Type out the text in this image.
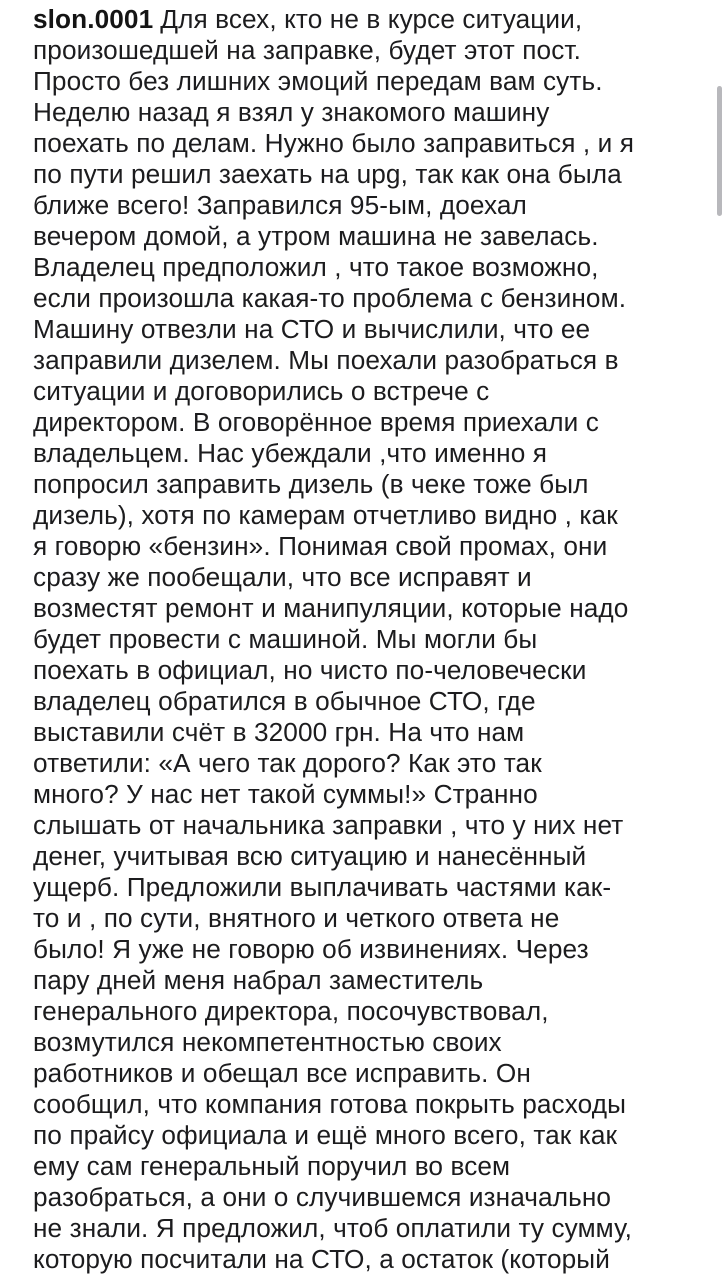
slon.0001 Для всех, кто не в курсе ситуации,
произошедшей на заправке, будет этот пост.
Просто без лишних эмоций передам вам суть.
Неделю назад я взял у знакомого машину
поехать по делам. Нужно было заправиться , и я
по пути решил заехать на upg, так как она была
ближе всего! Заправился 95-ым, доехал
вечером домой, а утром машина не завелась.
Владелец предположил , что такое возможно,
если произошла какая-то проблема с бензином.
Машину отвезли на СТО и вычислили, что ее
заправили дизелем. Мы поехали разобраться в
ситуации и договорились о встрече с
директором. В оговорённое время приехали с
владельцем. Нас убеждали ,что именно я
попросил заправить дизель (в чеке тоже был
дизель), хотя по камерам отчетливо видно , как
я говорю «бензин». Понимая свой промах, они
сразу же пообещали, что все исправят и
возместят ремонт и манипуляции, которые надо
будет провести с машиной. Мы могли бы
поехать в официал, но чисто по-человечески
владелец обратился в обычное СТО, где
выставили счёт в 32000 грн. На что нам
ответили: «А чего так дорого? Как это так
много? У нас нет такой суммы!» Странно
слышать от начальника заправки , что у них нет
денег, учитывая всю ситуацию и нанесённый
ущерб. Предложили выплачивать частями как-
то и , по сути, внятного и четкого ответа не
было! Я уже не говорю об извинениях. Через
пару дней меня набрал заместитель
генерального директора, посочувствовал,
возмутился некомпетентностью своих
работников и обещал все исправить. Он
сообщил, что компания готова покрыть расходы
по прайсу официала и ещё много всего, так как
ему сам генеральный поручил во всем
разобраться, а они о случившемся изначально
не знали. Я предложил, чтоб оплатили ту сумму,
которую посчитали на СТО, а остаток (который
